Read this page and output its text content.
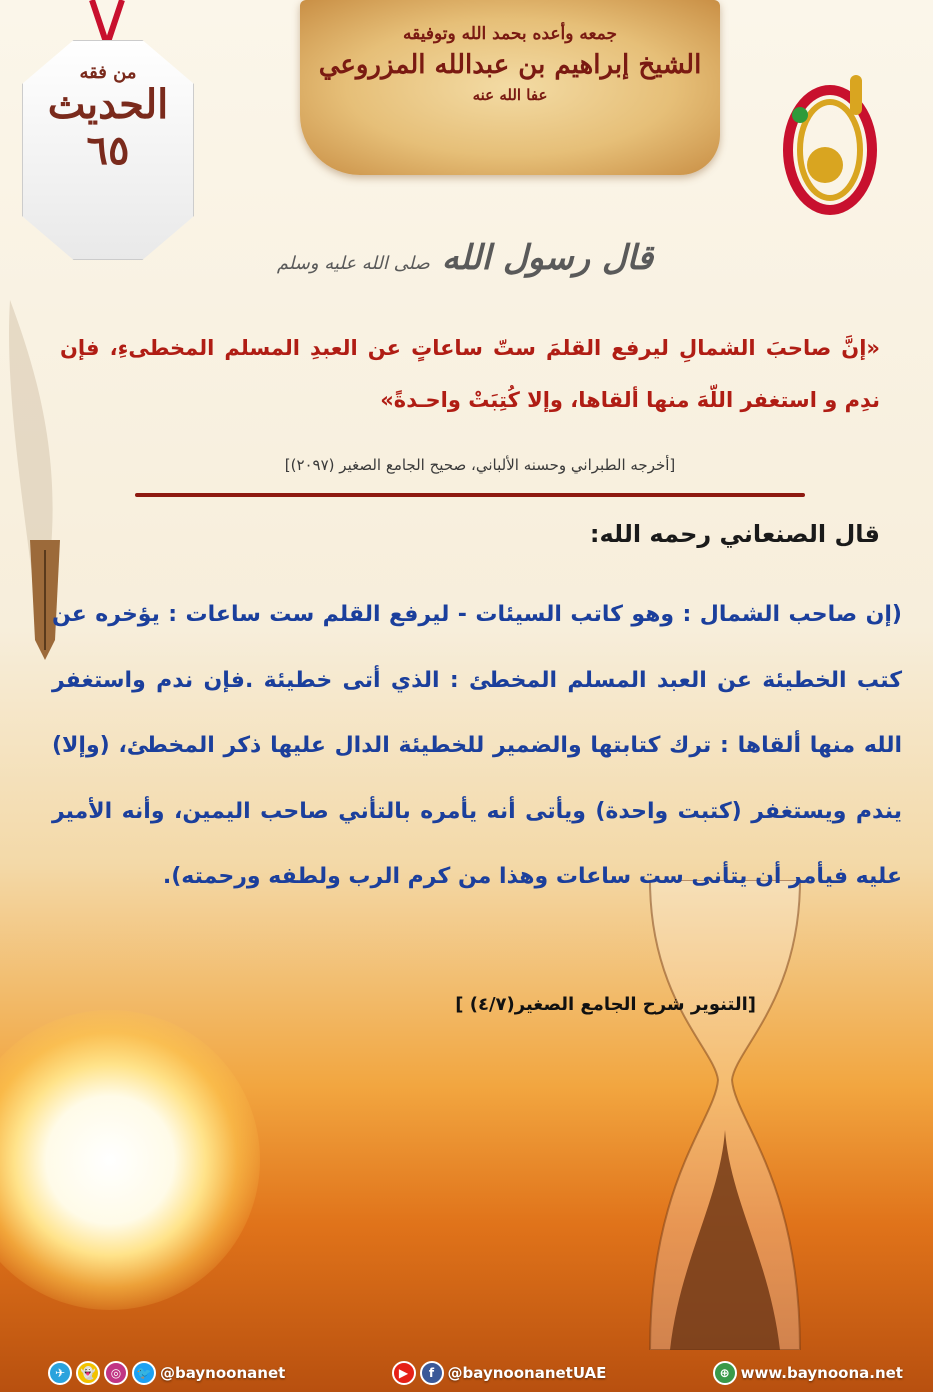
جمعه وأعده بحمد الله وتوفيقه
الشيخ إبراهيم بن عبدالله المزروعي
عفا الله عنه
من فقه
الحديث
٦٥
قال رسول الله صلى الله عليه وسلم
«إنَّ صاحبَ الشمالِ ليرفع القلمَ ستّ ساعاتٍ عن العبدِ المسلم المخطىءِ، فإن ندِم و استغفر اللّهَ منها ألقاها، وإلا كُتِبَتْ واحـدةً»
[أخرجه الطبراني وحسنه الألباني، صحيح الجامع الصغير (٢٠٩٧)]
قال الصنعاني رحمه الله:
(إن صاحب الشمال : وهو كاتب السيئات - ليرفع القلم ست ساعات : يؤخره عن كتب الخطيئة عن العبد المسلم المخطئ : الذي أتى خطيئة .فإن ندم واستغفر الله منها ألقاها : ترك كتابتها والضمير للخطيئة الدال عليها ذكر المخطئ، (وإلا) يندم ويستغفر (كتبت واحدة) ويأتى أنه يأمره بالتأني صاحب اليمين، وأنه الأمير عليه فيأمر أن يتأنى ست ساعات وهذا من كرم الرب ولطفه ورحمته).
[التنوير شرح الجامع الصغير(٤/٧) ]
✈	👻	◎	🐦 @baynoonanet	▶	f @baynoonanetUAE	⊕ www.baynoona.net
